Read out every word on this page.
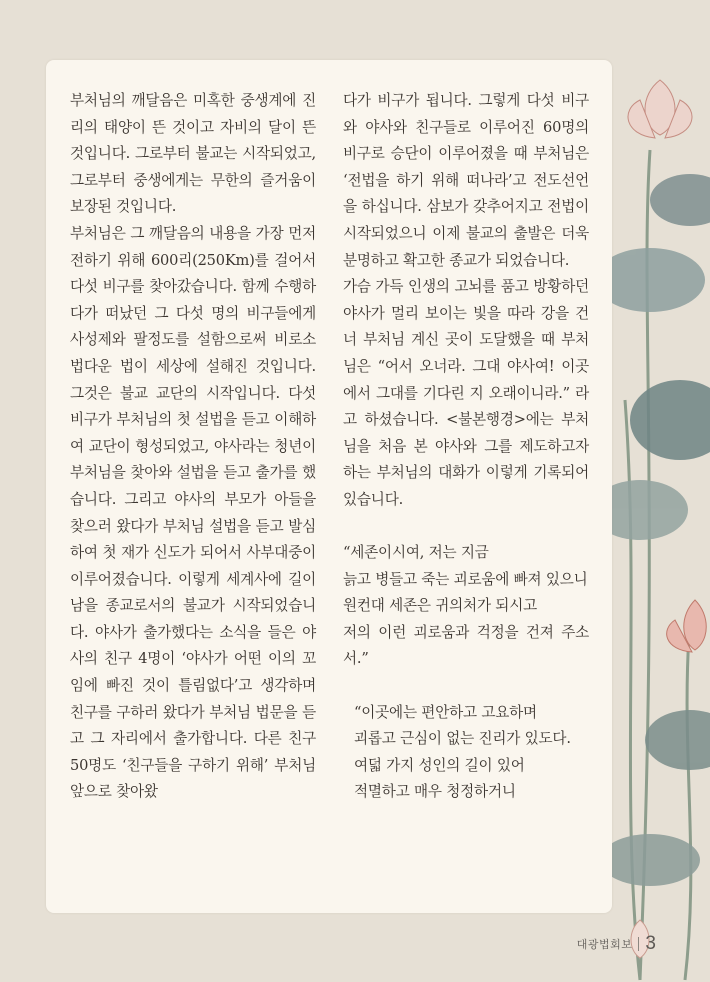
부처님의 깨달음은 미혹한 중생계에 진리의 태양이 뜬 것이고 자비의 달이 뜬 것입니다. 그로부터 불교는 시작되었고, 그로부터 중생에게는 무한의 즐거움이 보장된 것입니다.

부처님은 그 깨달음의 내용을 가장 먼저 전하기 위해 600리(250Km)를 걸어서 다섯 비구를 찾아갔습니다. 함께 수행하다가 떠났던 그 다섯 명의 비구들에게 사성제와 팔정도를 설함으로써 비로소 법다운 법이 세상에 설해진 것입니다. 그것은 불교 교단의 시작입니다. 다섯 비구가 부처님의 첫 설법을 듣고 이해하여 교단이 형성되었고, 야사라는 청년이 부처님을 찾아와 설법을 듣고 출가를 했습니다. 그리고 야사의 부모가 아들을 찾으러 왔다가 부처님 설법을 듣고 발심하여 첫 재가 신도가 되어서 사부대중이 이루어졌습니다. 이렇게 세계사에 길이 남을 종교로서의 불교가 시작되었습니다. 야사가 출가했다는 소식을 들은 야사의 친구 4명이 ‘야사가 어떤 이의 꼬임에 빠진 것이 틀림없다’고 생각하며 친구를 구하러 왔다가 부처님 법문을 듣고 그 자리에서 출가합니다. 다른 친구 50명도 ‘친구들을 구하기 위해’ 부처님 앞으로 찾아왔

다가 비구가 됩니다. 그렇게 다섯 비구와 야사와 친구들로 이루어진 60명의 비구로 승단이 이루어졌을 때 부처님은 ‘전법을 하기 위해 떠나라’고 전도선언을 하십니다. 삼보가 갖추어지고 전법이 시작되었으니 이제 불교의 출발은 더욱 분명하고 확고한 종교가 되었습니다.

가슴 가득 인생의 고뇌를 품고 방황하던 야사가 멀리 보이는 빛을 따라 강을 건너 부처님 계신 곳이 도달했을 때 부처님은 “어서 오너라. 그대 야사여! 이곳에서 그대를 기다린 지 오래이니라.” 라고 하셨습니다. <불본행경>에는 부처님을 처음 본 야사와 그를 제도하고자 하는 부처님의 대화가 이렇게 기록되어 있습니다.

“세존이시여, 저는 지금

늙고 병들고 죽는 괴로움에 빠져 있으니

원컨대 세존은 귀의처가 되시고

저의 이런 괴로움과 걱정을 건져 주소서.”

“이곳에는 편안하고 고요하며

괴롭고 근심이 없는 진리가 있도다.

여덟 가지 성인의 길이 있어

적멸하고 매우 청정하거니

대광법회보 3
